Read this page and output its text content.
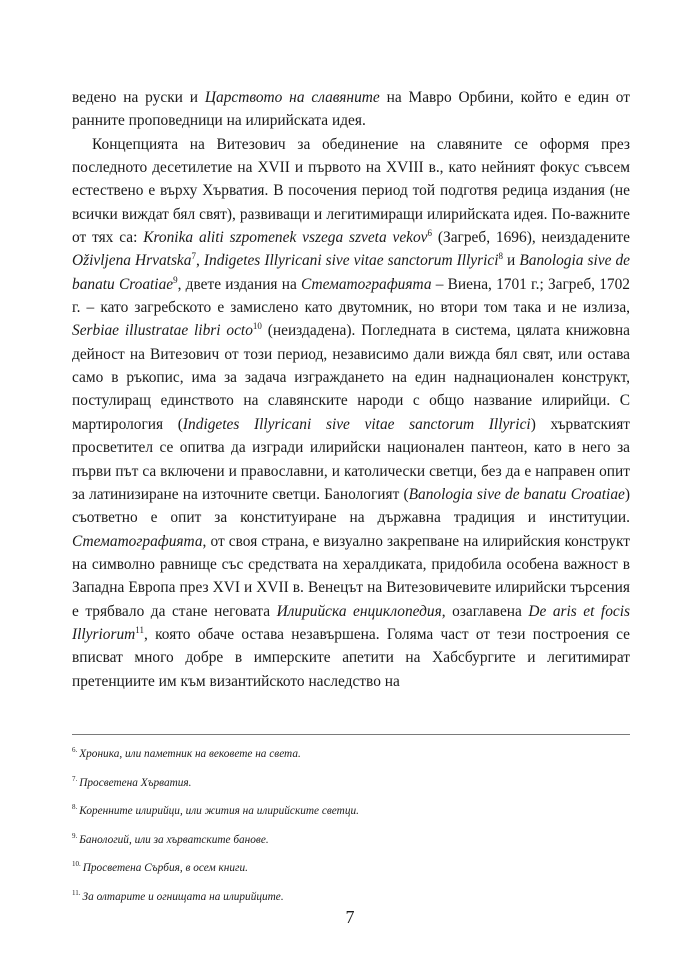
ведено на руски и Царството на славяните на Мавро Орбини, който е един от ранните проповедници на илирийската идея.

Концепцията на Витезович за обединение на славяните се оформя през последното десетилетие на XVII и първото на XVIII в., като нейният фокус съвсем естествено е върху Хърватия. В посочения период той подготвя редица издания (не всички виждат бял свят), развиващи и легитимиращи илирийската идея. По-важните от тях са: Kronika aliti szpomenek vszega szveta vekov$^6$ (Загреб, 1696), неиздадените Oživljena Hrvatska$^7$, Indigetes Illyricani sive vitae sanctorum Illyrici$^8$ и Banologia sive de banatu Croatiae$^9$, двете издания на Стематографията – Виена, 1701 г.; Загреб, 1702 г. – като загребското е замислено като двутомник, но втори том така и не излиза, Serbiae illustratae libri octo$^{10}$ (неиздадена). Погледната в система, цялата книжовна дейност на Витезович от този период, независимо дали вижда бял свят, или остава само в ръкопис, има за задача изграждането на един наднационален конструкт, постулиращ единството на славянските народи с общо название илирийци. С мартирология (Indigetes Illyricani sive vitae sanctorum Illyrici) хърватският просветител се опитва да изгради илирийски национален пантеон, като в него за първи път са включени и православни, и католически светци, без да е направен опит за латинизиране на източните светци. Банологият (Banologia sive de banatu Croatiae) съответно е опит за конституиране на държавна традиция и институции. Стематографията, от своя страна, е визуално закрепване на илирийския конструкт на символно равнище със средствата на хералдиката, придобила особена важност в Западна Европа през XVI и XVII в. Венецът на Витезовичевите илирийски търсения е трябвало да стане неговата Илирийска енциклопедия, озаглавена De aris et focis Illyriorum$^{11}$, която обаче остава незавършена. Голяма част от тези построения се вписват много добре в имперските апетити на Хабсбургите и легитимират претенциите им към византийското наследство на

$^{6.}$ Хроника, или паметник на вековете на света.

$^{7.}$ Просветена Хърватия.

$^{8.}$ Коренните илирийци, или жития на илирийските светци.

$^{9.}$ Банологий, или за хърватските банове.

$^{10.}$ Просветена Сърбия, в осем книги.

$^{11.}$ За олтарите и огнищата на илирийците.

7
